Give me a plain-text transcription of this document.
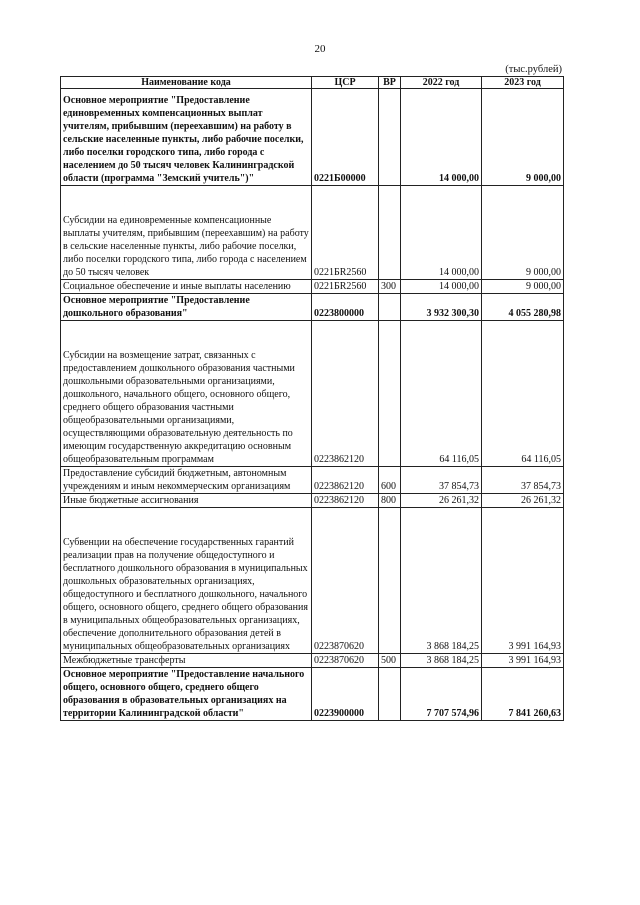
20
(тыс.рублей)
Наименование кода	ЦСР	ВР	2022 год	2023 год
Основное мероприятие "Предоставление единовременных компенсационных выплат учителям, прибывшим (переехавшим) на работу в сельские населенные пункты, либо рабочие поселки, либо поселки городского типа, либо города с населением до 50 тысяч человек Калининградской области (программа "Земский учитель")"	0221Б00000		14 000,00	9 000,00
Субсидии на единовременные компенсационные выплаты учителям, прибывшим (переехавшим) на работу в сельские населенные пункты, либо рабочие поселки, либо поселки городского типа, либо города с населением до 50 тысяч человек	0221БR2560		14 000,00	9 000,00
Социальное обеспечение и иные выплаты населению	0221БR2560	300	14 000,00	9 000,00
Основное мероприятие "Предоставление дошкольного образования"	0223800000		3 932 300,30	4 055 280,98
Субсидии на возмещение затрат, связанных с предоставлением дошкольного образования частными дошкольными образовательными организациями, дошкольного, начального общего, основного общего, среднего общего образования частными общеобразовательными организациями, осуществляющими образовательную деятельность по имеющим государственную аккредитацию основным общеобразовательным программам	0223862120		64 116,05	64 116,05
Предоставление субсидий бюджетным, автономным учреждениям и иным некоммерческим организациям	0223862120	600	37 854,73	37 854,73
Иные бюджетные ассигнования	0223862120	800	26 261,32	26 261,32
Субвенции на обеспечение государственных гарантий реализации прав на получение общедоступного и бесплатного дошкольного образования в муниципальных дошкольных образовательных организациях, общедоступного и бесплатного дошкольного, начального общего, основного общего, среднего общего образования в муниципальных общеобразовательных организациях, обеспечение дополнительного образования детей в муниципальных общеобразовательных организациях	0223870620		3 868 184,25	3 991 164,93
Межбюджетные трансферты	0223870620	500	3 868 184,25	3 991 164,93
Основное мероприятие "Предоставление начального общего, основного общего, среднего общего образования в образовательных организациях на территории Калининградской области"	0223900000		7 707 574,96	7 841 260,63
